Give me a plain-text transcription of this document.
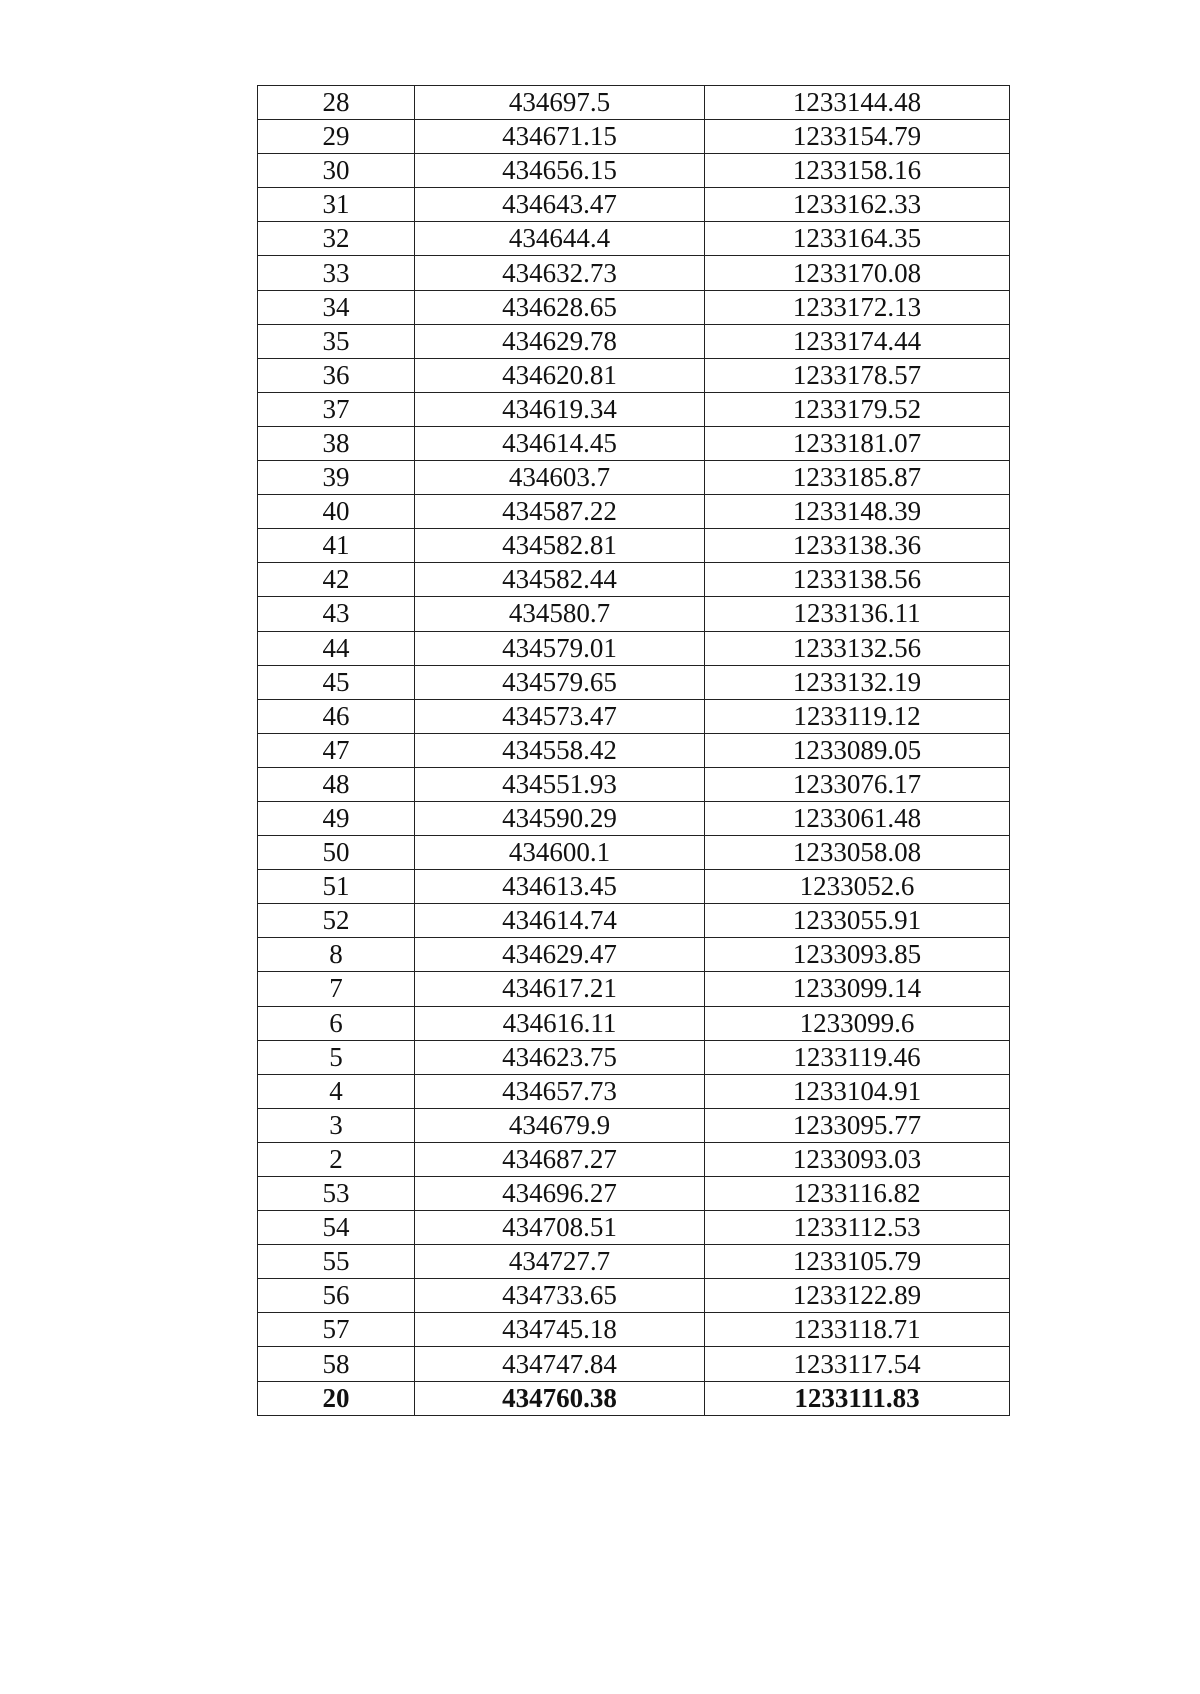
28	434697.5	1233144.48
29	434671.15	1233154.79
30	434656.15	1233158.16
31	434643.47	1233162.33
32	434644.4	1233164.35
33	434632.73	1233170.08
34	434628.65	1233172.13
35	434629.78	1233174.44
36	434620.81	1233178.57
37	434619.34	1233179.52
38	434614.45	1233181.07
39	434603.7	1233185.87
40	434587.22	1233148.39
41	434582.81	1233138.36
42	434582.44	1233138.56
43	434580.7	1233136.11
44	434579.01	1233132.56
45	434579.65	1233132.19
46	434573.47	1233119.12
47	434558.42	1233089.05
48	434551.93	1233076.17
49	434590.29	1233061.48
50	434600.1	1233058.08
51	434613.45	1233052.6
52	434614.74	1233055.91
8	434629.47	1233093.85
7	434617.21	1233099.14
6	434616.11	1233099.6
5	434623.75	1233119.46
4	434657.73	1233104.91
3	434679.9	1233095.77
2	434687.27	1233093.03
53	434696.27	1233116.82
54	434708.51	1233112.53
55	434727.7	1233105.79
56	434733.65	1233122.89
57	434745.18	1233118.71
58	434747.84	1233117.54
20	434760.38	1233111.83
